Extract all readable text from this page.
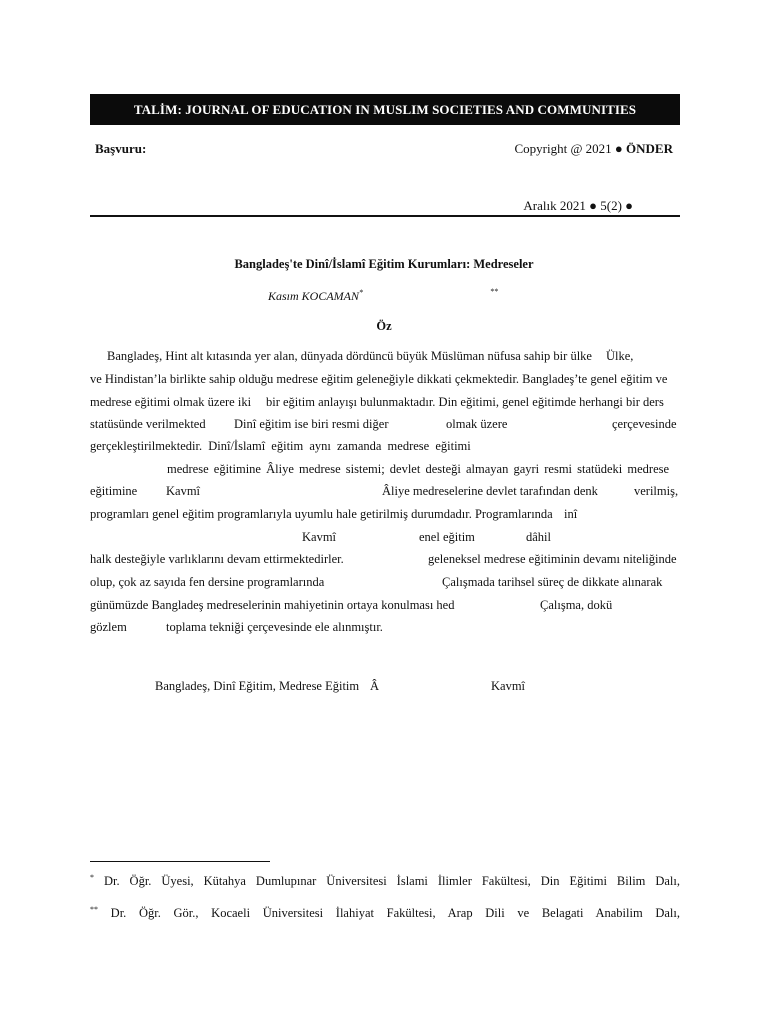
TALİM: JOURNAL OF EDUCATION IN MUSLIM SOCIETIES AND COMMUNITIES
Başvuru:	Copyright @ 2021 ● ÖNDER
Aralık 2021 ● 5(2) ●
Bangladeş'te Dinî/İslamî Eğitim Kurumları: Medreseler
Kasım KOCAMAN*	**
Öz
Bangladeş, Hint alt kıtasında yer alan, dünyada dördüncü büyük Müslüman nüfusa sahip bir ülke Ülke,
ve Hindistan’la birlikte sahip olduğu medrese eğitim geleneğiyle dikkati çekmektedir. Bangladeş’te genel eğitim ve
medrese eğitimi olmak üzere iki bir eğitim anlayışı bulunmaktadır. Din eğitimi, genel eğitimde herhangi bir ders
statüsünde verilmekted Dinî eğitim ise biri resmi diğer	olmak üzere	çerçevesinde
gerçekleştirilmektedir. Dinî/İslamî eğitim aynı zamanda medrese eğitimi
medrese eğitimine Âliye medrese sistemi; devlet desteği almayan gayri resmi statüdeki medrese
eğitimine Kavmî	Âliye medreselerine devlet tarafından denk	verilmiş,
programları genel eğitim programlarıyla uyumlu hale getirilmiş durumdadır. Programlarında inî
Kavmî	enel eğitim	dâhil
halk desteğiyle varlıklarını devam ettirmektedirler.	geleneksel medrese eğitiminin devamı niteliğinde
olup, çok az sayıda fen dersine programlarında	Çalışmada tarihsel süreç de dikkate alınarak
günümüzde Bangladeş medreselerinin mahiyetinin ortaya konulması hed	Çalışma, dokü
gözlem	toplama tekniği çerçevesinde ele alınmıştır.
Bangladeş, Dinî Eğitim, Medrese Eğitim Â	Kavmî
* Dr. Öğr. Üyesi, Kütahya Dumlupınar Üniversitesi İslami İlimler Fakültesi, Din Eğitimi Bilim Dalı,
** Dr. Öğr. Gör., Kocaeli Üniversitesi İlahiyat Fakültesi, Arap Dili ve Belagati Anabilim Dalı,
